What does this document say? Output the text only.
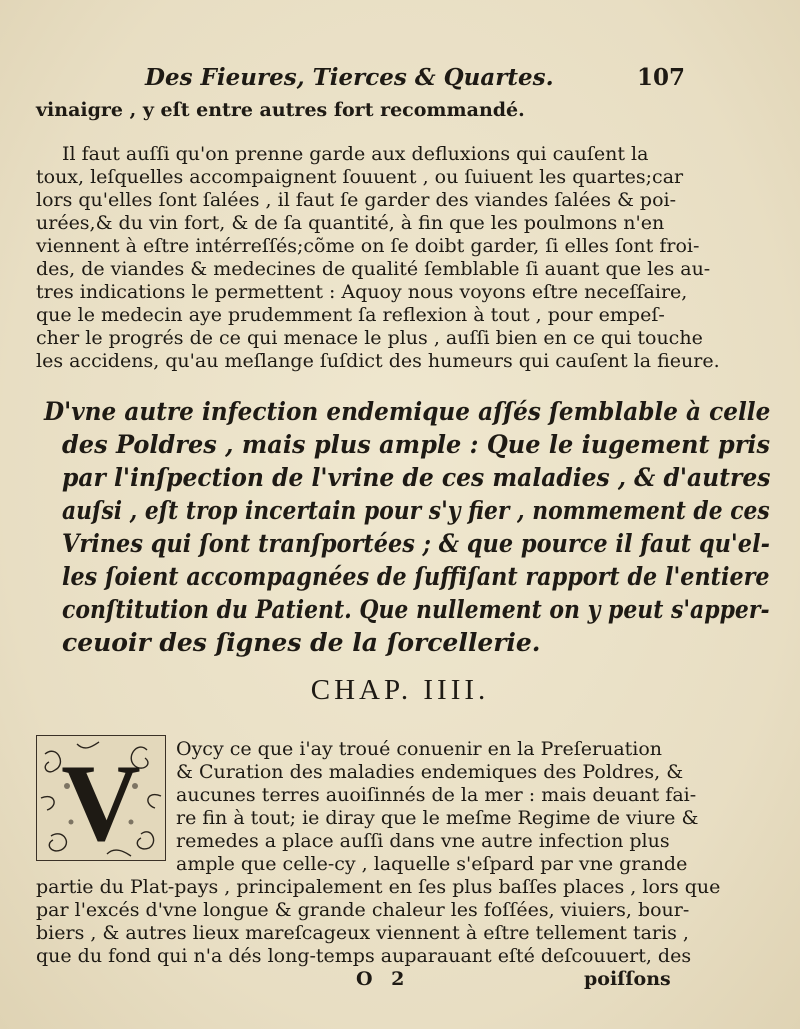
Des Fieures, Tierces & Quartes.	107
vinaigre , y eſt entre autres fort recommandé.
Il faut auſſi qu'on prenne garde aux defluxions qui cauſent la
toux, leſquelles accompaignent ſouuent , ou ſuiuent les quartes;car
lors qu'elles ſont ſalées , il faut ſe garder des viandes ſalées & poi-
urées,& du vin fort, & de ſa quantité, à fin que les poulmons n'en
viennent à eſtre intérreſſés;cõme on ſe doibt garder, ſi elles ſont froi-
des, de viandes & medecines de qualité ſemblable ſi auant que les au-
tres indications le permettent : Aquoy nous voyons eſtre neceſſaire,
que le medecin aye prudemment ſa reflexion à tout , pour empeſ-
cher le progrés de ce qui menace le plus , auſſi bien en ce qui touche
les accidens, qu'au meſlange ſuſdict des humeurs qui cauſent la fieure.
D'vne autre infection endemique aſſés ſemblable à celle
des Poldres , mais plus ample : Que le iugement pris
par l'inſpection de l'vrine de ces maladies , & d'autres
auſsi , eſt trop incertain pour s'y fier , nommement de ces
Vrines qui ſont tranſportées ; & que pource il faut qu'el-
les ſoient accompagnées de ſuffiſant rapport de l'entiere
conſtitution du Patient. Que nullement on y peut s'apper-
ceuoir des ſignes de la ſorcellerie.
CHAP. IIII.
V Oycy ce que i'ay troué conuenir en la Preſeruation
& Curation des maladies endemiques des Poldres, &
aucunes terres auoiſinnés de la mer : mais deuant fai-
re fin à tout; ie diray que le meſme Regime de viure &
remedes a place auſſi dans vne autre infection plus
ample que celle-cy , laquelle s'eſpard par vne grande
partie du Plat-pays , principalement en ſes plus baſſes places , lors que
par l'excés d'vne longue & grande chaleur les foſſées, viuiers, bour-
biers , & autres lieux mareſcageux viennent à eſtre tellement taris ,
que du fond qui n'a dés long-temps auparauant eſté deſcouuert, des
O 2	poiſſons
